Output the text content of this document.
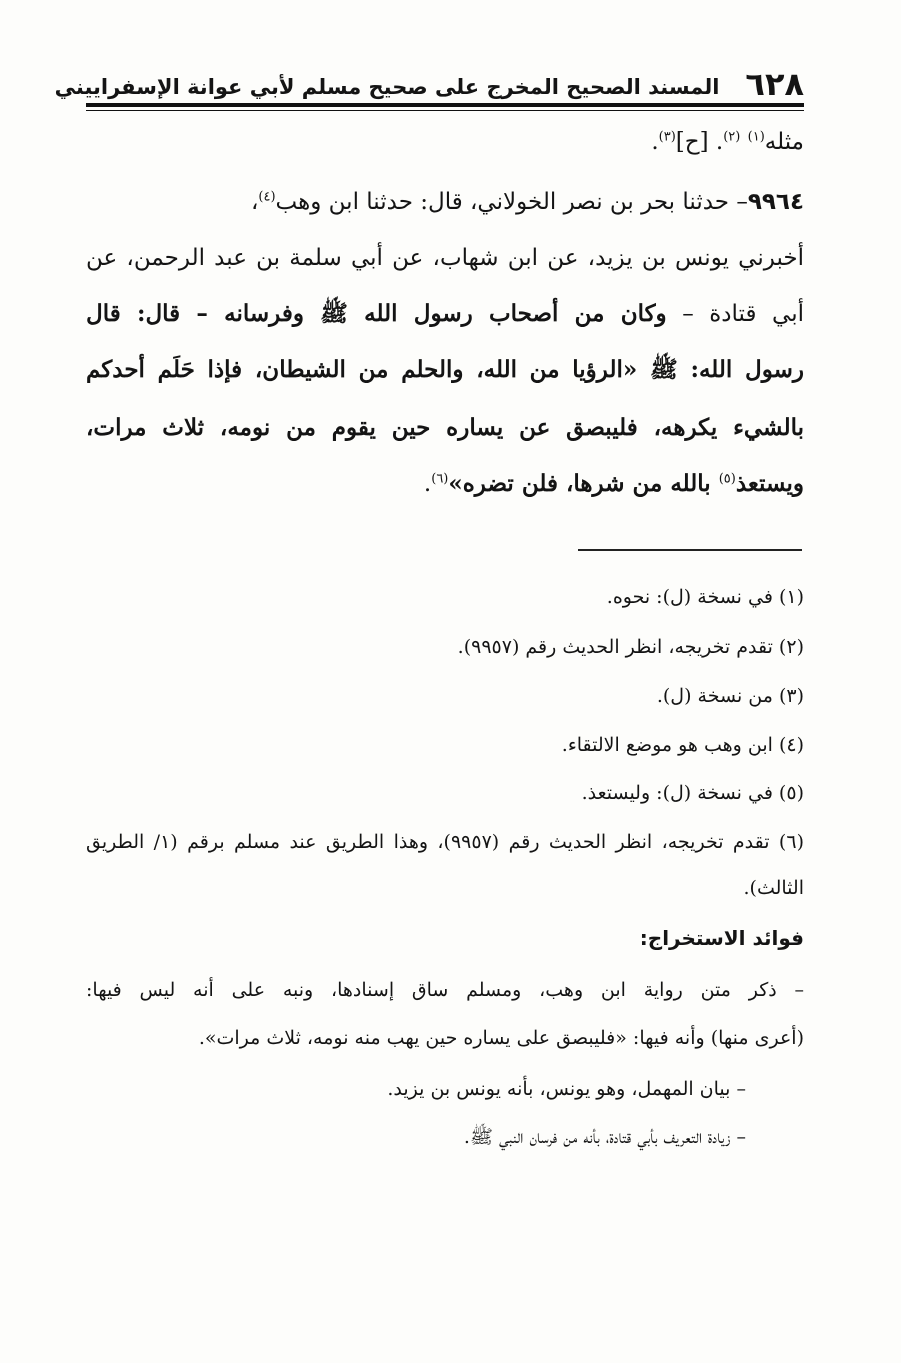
٦٢٨
المسند الصحيح المخرج على صحيح مسلم لأبي عوانة الإسفراييني
مثله$^{(١)}$ $^{(٢)}$. [ح]$^{(٣)}$.
٩٩٦٤– حدثنا بحر بن نصر الخولاني، قال: حدثنا ابن وهب$^{(٤)}$،
أخبرني يونس بن يزيد، عن ابن شهاب، عن أبي سلمة بن عبد الرحمن، عن
أبي قتادة – وكان من أصحاب رسول الله ﷺ وفرسانه – قال: قال
رسول الله: ﷺ «الرؤيا من الله، والحلم من الشيطان، فإذا حَلَم أحدكم
بالشيء يكرهه، فليبصق عن يساره حين يقوم من نومه، ثلاث مرات،
ويستعذ$^{(٥)}$ بالله من شرها، فلن تضره»$^{(٦)}$.
(١) في نسخة (ل): نحوه.
(٢) تقدم تخريجه، انظر الحديث رقم (٩٩٥٧).
(٣) من نسخة (ل).
(٤) ابن وهب هو موضع الالتقاء.
(٥) في نسخة (ل): وليستعذ.
(٦) تقدم تخريجه، انظر الحديث رقم (٩٩٥٧)، وهذا الطريق عند مسلم برقم (١/ الطريق
الثالث).
فوائد الاستخراج:
– ذكر متن رواية ابن وهب، ومسلم ساق إسنادها، ونبه على أنه ليس فيها:
(أعرى منها) وأنه فيها: «فليبصق على يساره حين يهب منه نومه، ثلاث مرات».
– بيان المهمل، وهو يونس، بأنه يونس بن يزيد.
– زيادة التعريف بأبي قتادة، بأنه من فرسان النبي ﷺ.
